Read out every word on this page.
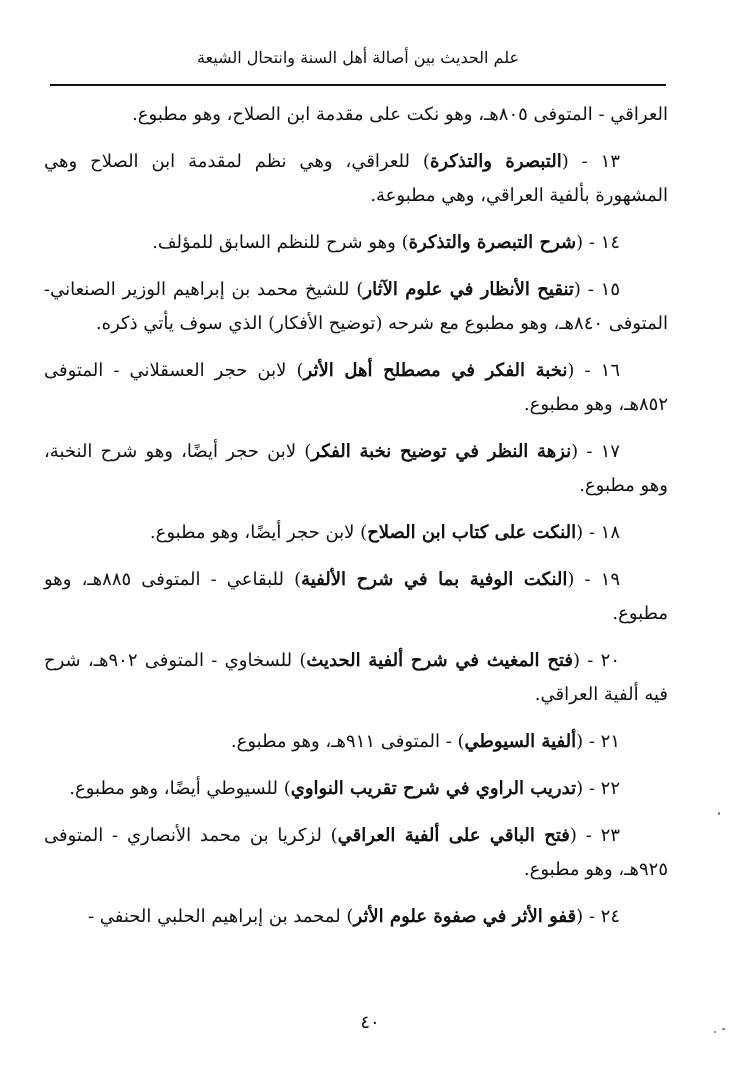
علم الحديث بين أصالة أهل السنة وانتحال الشيعة

العراقي - المتوفى ٨٠٥هـ، وهو نكت على مقدمة ابن الصلاح، وهو مطبوع.

١٣ - (التبصرة والتذكرة) للعراقي، وهي نظم لمقدمة ابن الصلاح وهي المشهورة بألفية العراقي، وهي مطبوعة.

١٤ - (شرح التبصرة والتذكرة) وهو شرح للنظم السابق للمؤلف.

١٥ - (تنقيح الأنظار في علوم الآثار) للشيخ محمد بن إبراهيم الوزير الصنعاني- المتوفى ٨٤٠هـ، وهو مطبوع مع شرحه (توضيح الأفكار) الذي سوف يأتي ذكره.

١٦ - (نخبة الفكر في مصطلح أهل الأثر) لابن حجر العسقلاني - المتوفى ٨٥٢هـ، وهو مطبوع.

١٧ - (نزهة النظر في توضيح نخبة الفكر) لابن حجر أيضًا، وهو شرح النخبة، وهو مطبوع.

١٨ - (النكت على كتاب ابن الصلاح) لابن حجر أيضًا، وهو مطبوع.

١٩ - (النكت الوفية بما في شرح الألفية) للبقاعي - المتوفى ٨٨٥هـ، وهو مطبوع.

٢٠ - (فتح المغيث في شرح ألفية الحديث) للسخاوي - المتوفى ٩٠٢هـ، شرح فيه ألفية العراقي.

٢١ - (ألفية السيوطي) - المتوفى ٩١١هـ، وهو مطبوع.

٢٢ - (تدريب الراوي في شرح تقريب النواوي) للسيوطي أيضًا، وهو مطبوع.

٢٣ - (فتح الباقي على ألفية العراقي) لزكريا بن محمد الأنصاري - المتوفى ٩٢٥هـ، وهو مطبوع.

٢٤ - (قفو الأثر في صفوة علوم الأثر) لمحمد بن إبراهيم الحلبي الحنفي -

٤٠
